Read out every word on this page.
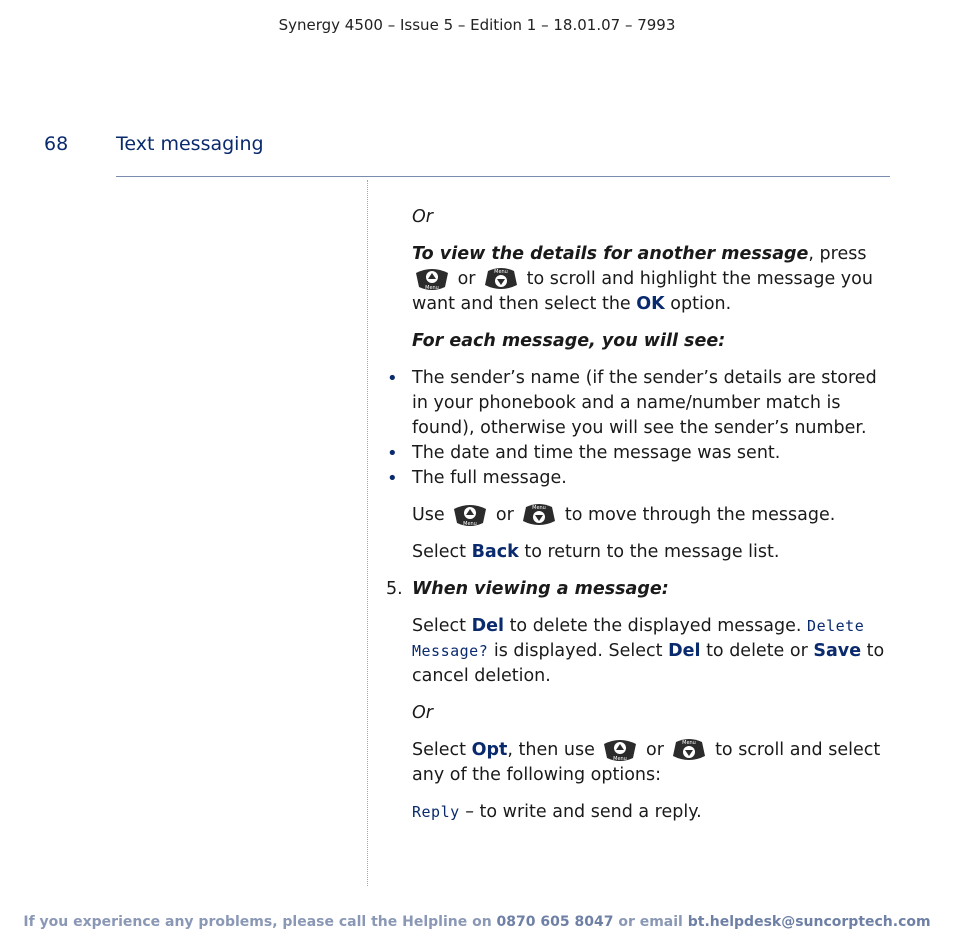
Synergy 4500 – Issue 5 – Edition 1 – 18.01.07 – 7993
68	Text messaging

Or

To view the details for another message, press
Menu or	Menu to scroll and highlight the message you want and then select the OK option.

For each message, you will see:

• The sender’s name (if the sender’s details are stored in your phonebook and a name/number match is found), otherwise you will see the sender’s number.
• The date and time the message was sent.
• The full message.

Use	Menu or	Menu to move through the message.

Select Back to return to the message list.

5. When viewing a message:

Select Del to delete the displayed message. Delete Message? is displayed. Select Del to delete or Save to cancel deletion.

Or

Select Opt, then use	Menu or	Menu to scroll and select any of the following options:

Reply – to write and send a reply.

If you experience any problems, please call the Helpline on 0870 605 8047 or email bt.helpdesk@suncorptech.com
